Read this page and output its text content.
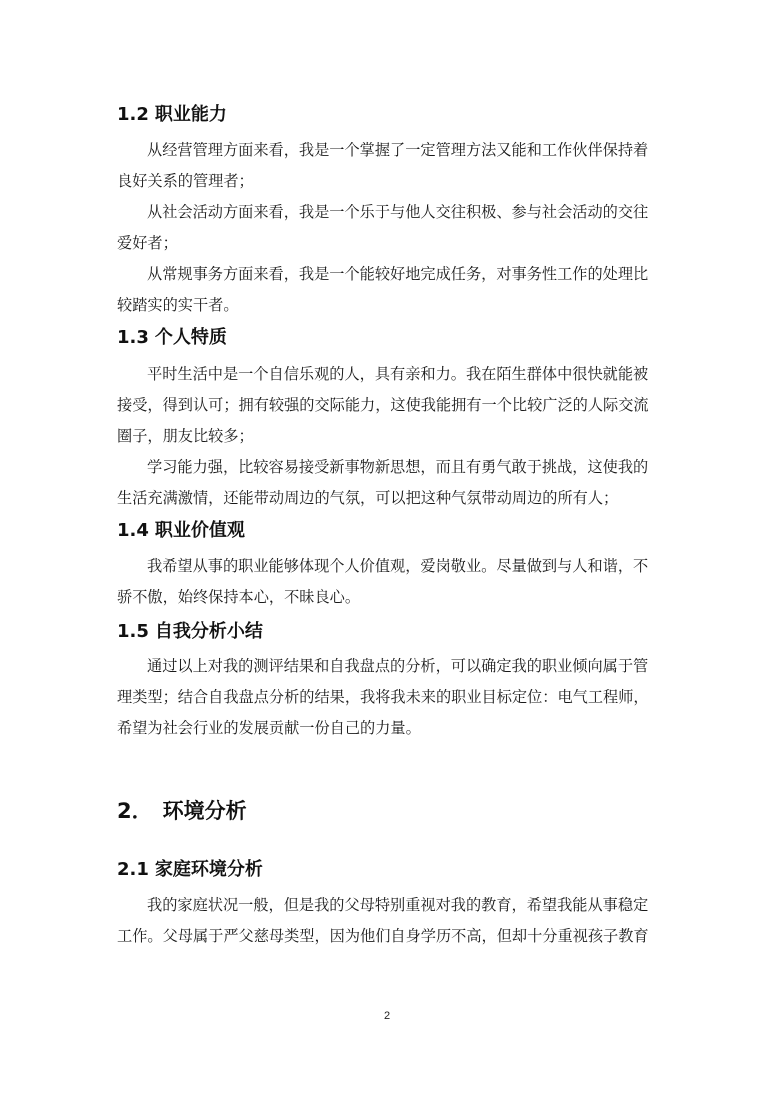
1.2 职业能力
从经营管理方面来看，我是一个掌握了一定管理方法又能和工作伙伴保持着
良好关系的管理者；
从社会活动方面来看，我是一个乐于与他人交往积极、参与社会活动的交往
爱好者；
从常规事务方面来看，我是一个能较好地完成任务，对事务性工作的处理比
较踏实的实干者。
1.3 个人特质
平时生活中是一个自信乐观的人，具有亲和力。我在陌生群体中很快就能被
接受，得到认可；拥有较强的交际能力，这使我能拥有一个比较广泛的人际交流
圈子，朋友比较多；
学习能力强，比较容易接受新事物新思想，而且有勇气敢于挑战，这使我的
生活充满激情，还能带动周边的气氛，可以把这种气氛带动周边的所有人；
1.4 职业价值观
我希望从事的职业能够体现个人价值观，爱岗敬业。尽量做到与人和谐，不
骄不傲，始终保持本心，不昧良心。
1.5 自我分析小结
通过以上对我的测评结果和自我盘点的分析，可以确定我的职业倾向属于管
理类型；结合自我盘点分析的结果，我将我未来的职业目标定位：电气工程师，
希望为社会行业的发展贡献一份自己的力量。
2． 环境分析
2.1 家庭环境分析
我的家庭状况一般，但是我的父母特别重视对我的教育，希望我能从事稳定
工作。父母属于严父慈母类型，因为他们自身学历不高，但却十分重视孩子教育
2
